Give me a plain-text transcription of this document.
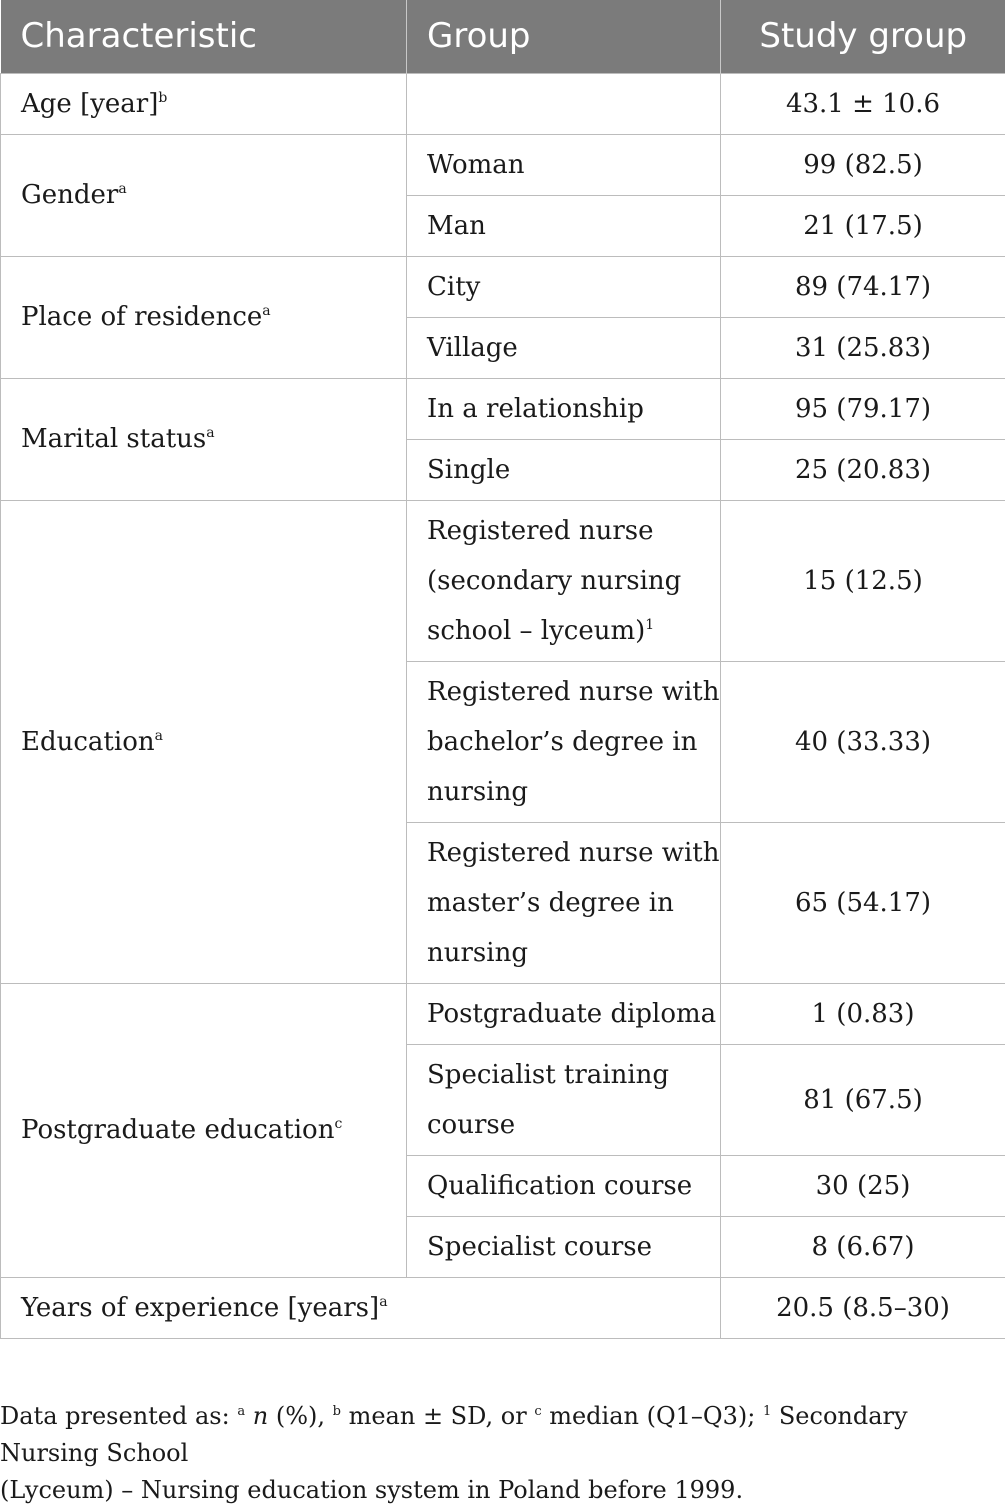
Characteristic	Group	Study group
Age [year]$^b$		43.1 ± 10.6
Gender$^a$	Woman	99 (82.5)
	Man	21 (17.5)
Place of residence$^a$	City	89 (74.17)
	Village	31 (25.83)
Marital status$^a$	In a relationship	95 (79.17)
	Single	25 (20.83)
Education$^a$	Registered nurse
(secondary nursing
school – lyceum)$^1$	15 (12.5)
	Registered nurse with
bachelor’s degree in
nursing	40 (33.33)
	Registered nurse with
master’s degree in
nursing	65 (54.17)
Postgraduate education$^c$	Postgraduate diploma	1 (0.83)
	Specialist training
course	81 (67.5)
	Qualification course	30 (25)
	Specialist course	8 (6.67)
Years of experience [years]$^a$		20.5 (8.5–30)
Data presented as: $^a$ n (%), $^b$ mean ± SD, or $^c$ median (Q1–Q3); $^1$ Secondary Nursing School
(Lyceum) – Nursing education system in Poland before 1999.
